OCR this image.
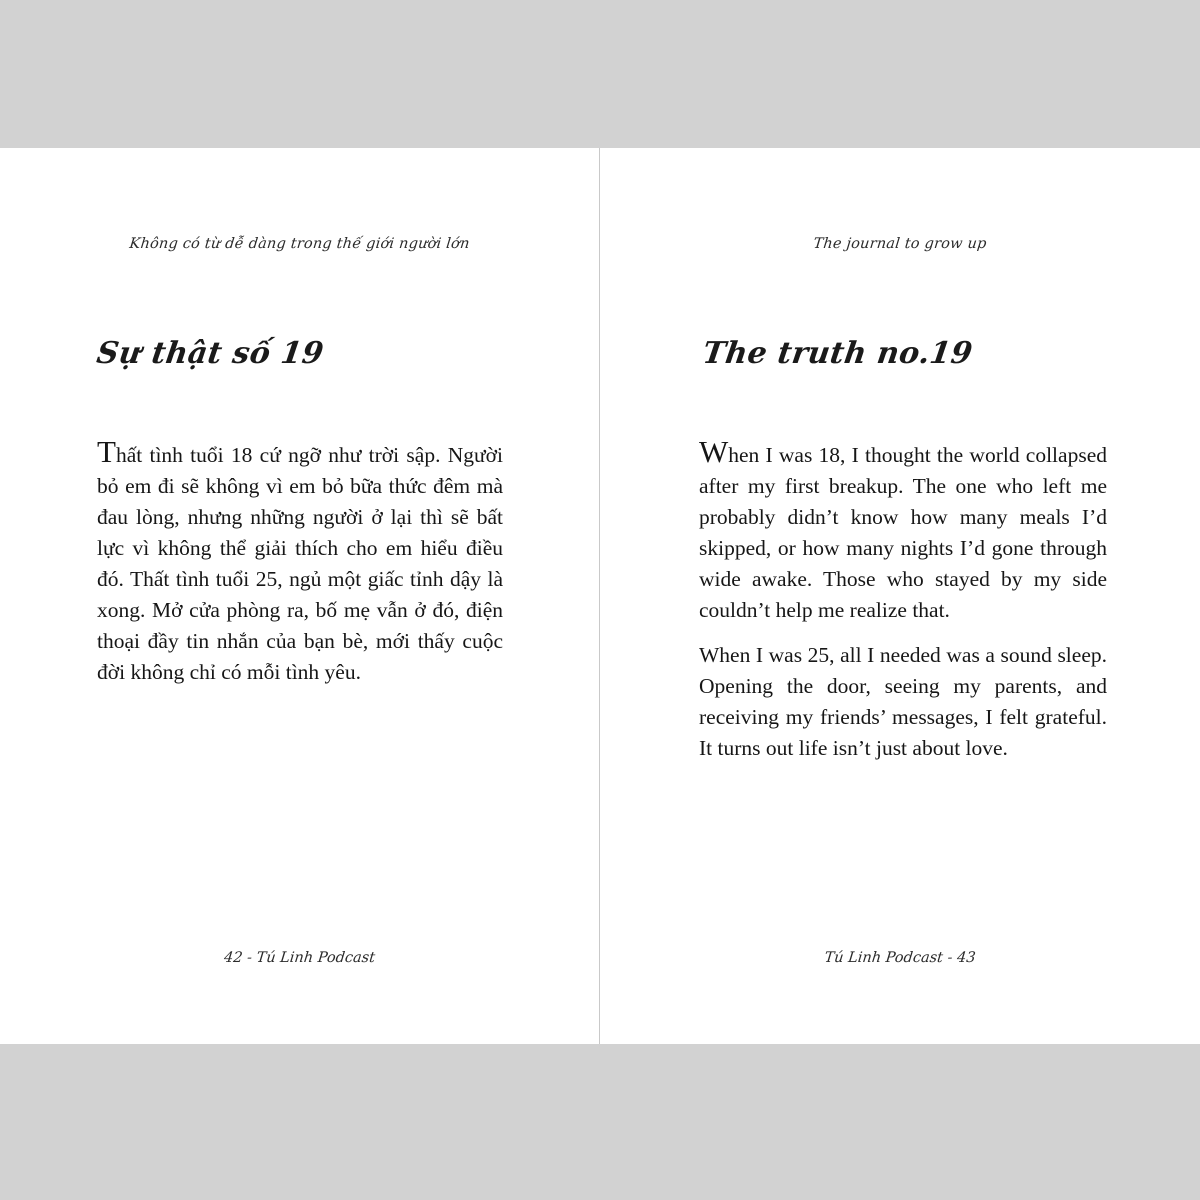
Không có từ dễ dàng trong thế giới người lớn
Sự thật số 19

Thất tình tuổi 18 cứ ngỡ như trời sập. Người bỏ em đi sẽ không vì em bỏ bữa thức đêm mà đau lòng, nhưng những người ở lại thì sẽ bất lực vì không thể giải thích cho em hiểu điều đó. Thất tình tuổi 25, ngủ một giấc tỉnh dậy là xong. Mở cửa phòng ra, bố mẹ vẫn ở đó, điện thoại đầy tin nhắn của bạn bè, mới thấy cuộc đời không chỉ có mỗi tình yêu.

42 - Tú Linh Podcast
The journal to grow up
The truth no.19

When I was 18, I thought the world collapsed after my first breakup. The one who left me probably didn’t know how many meals I’d skipped, or how many nights I’d gone through wide awake. Those who stayed by my side couldn’t help me realize that.

When I was 25, all I needed was a sound sleep. Opening the door, seeing my parents, and receiving my friends’ messages, I felt grateful. It turns out life isn’t just about love.

Tú Linh Podcast - 43
